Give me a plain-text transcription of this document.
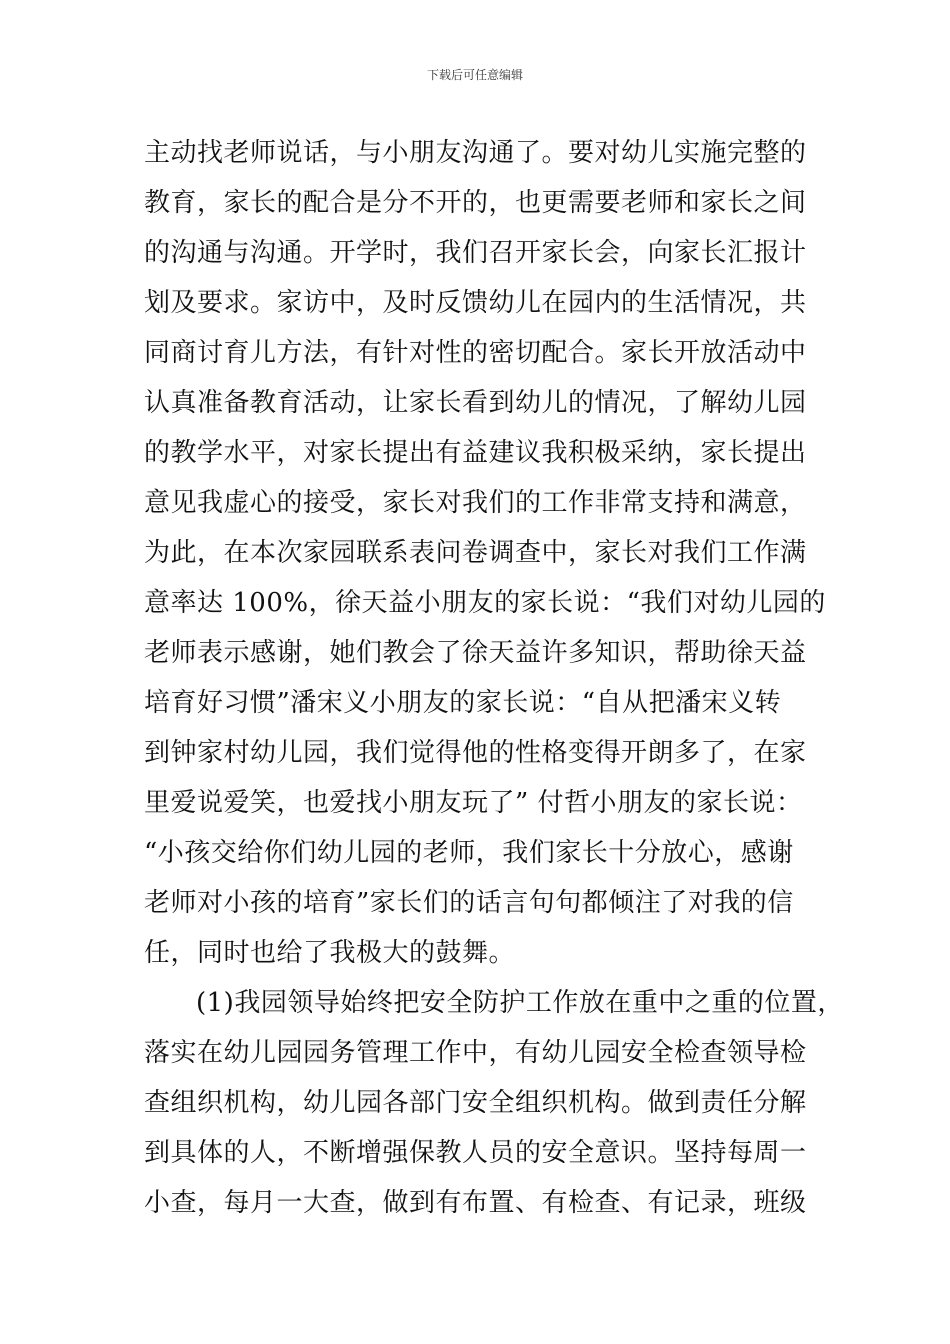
下载后可任意编辑
主动找老师说话，与小朋友沟通了。要对幼儿实施完整的
教育，家长的配合是分不开的，也更需要老师和家长之间
的沟通与沟通。开学时，我们召开家长会，向家长汇报计
划及要求。家访中，及时反馈幼儿在园内的生活情况，共
同商讨育儿方法，有针对性的密切配合。家长开放活动中
认真准备教育活动，让家长看到幼儿的情况，了解幼儿园
的教学水平，对家长提出有益建议我积极采纳，家长提出
意见我虚心的接受，家长对我们的工作非常支持和满意，
为此，在本次家园联系表问卷调查中，家长对我们工作满
意率达 100%，徐天益小朋友的家长说：“我们对幼儿园的
老师表示感谢，她们教会了徐天益许多知识，帮助徐天益
培育好习惯”潘宋义小朋友的家长说：“自从把潘宋义转
到钟家村幼儿园，我们觉得他的性格变得开朗多了，在家
里爱说爱笑，也爱找小朋友玩了” 付哲小朋友的家长说：
“小孩交给你们幼儿园的老师，我们家长十分放心，感谢
老师对小孩的培育”家长们的话言句句都倾注了对我的信
任，同时也给了我极大的鼓舞。
(1)我园领导始终把安全防护工作放在重中之重的位置，
落实在幼儿园园务管理工作中，有幼儿园安全检查领导检
查组织机构，幼儿园各部门安全组织机构。做到责任分解
到具体的人，不断增强保教人员的安全意识。坚持每周一
小查，每月一大查，做到有布置、有检查、有记录，班级
